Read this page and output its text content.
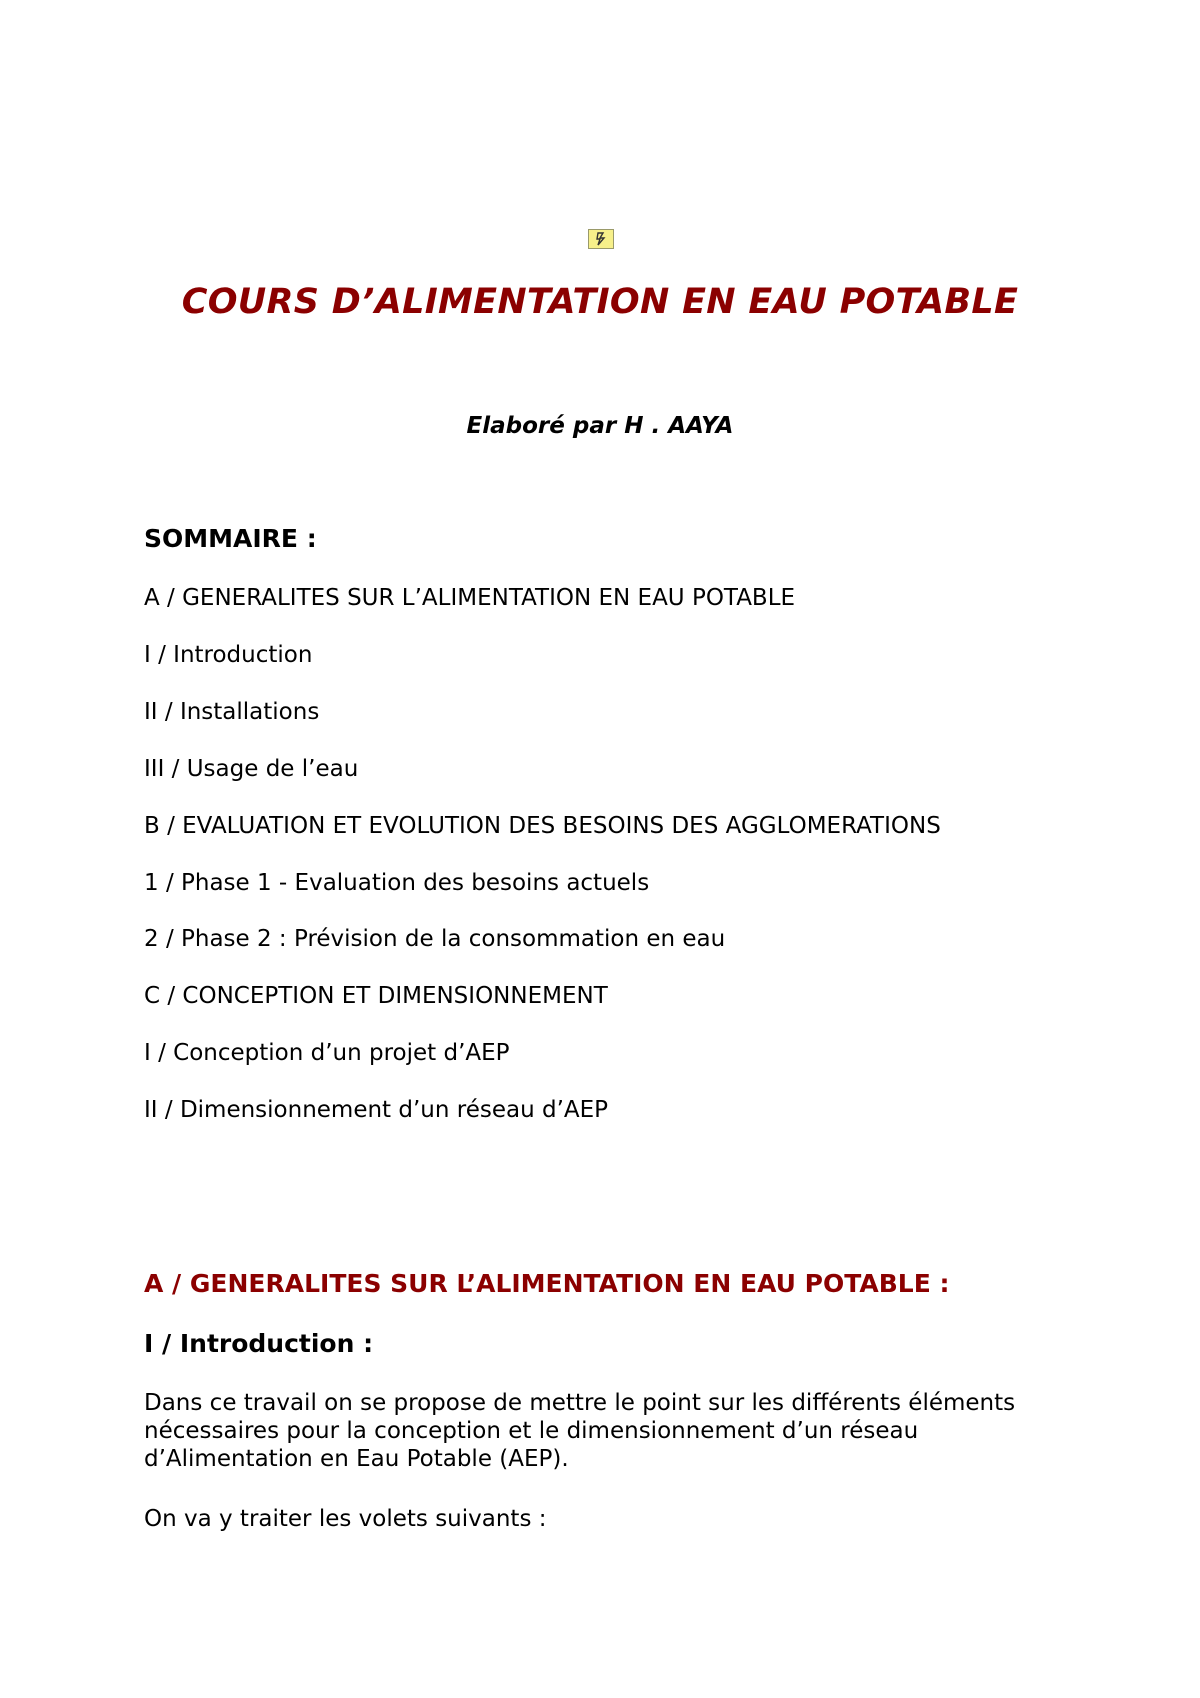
COURS D’ALIMENTATION EN EAU POTABLE
Elaboré par H . AAYA
SOMMAIRE :
A / GENERALITES SUR L’ALIMENTATION EN EAU POTABLE
I / Introduction
II / Installations
III / Usage de l’eau
B / EVALUATION ET EVOLUTION DES BESOINS DES AGGLOMERATIONS
1 / Phase 1 - Evaluation des besoins actuels
2 / Phase 2 : Prévision de la consommation en eau
C / CONCEPTION ET DIMENSIONNEMENT
I / Conception d’un projet d’AEP
II / Dimensionnement d’un réseau d’AEP
A / GENERALITES SUR L’ALIMENTATION EN EAU POTABLE :
I / Introduction :

Dans ce travail on se propose de mettre le point sur les différents éléments nécessaires pour la conception et le dimensionnement d’un réseau d’Alimentation en Eau Potable (AEP).

On va y traiter les volets suivants :
